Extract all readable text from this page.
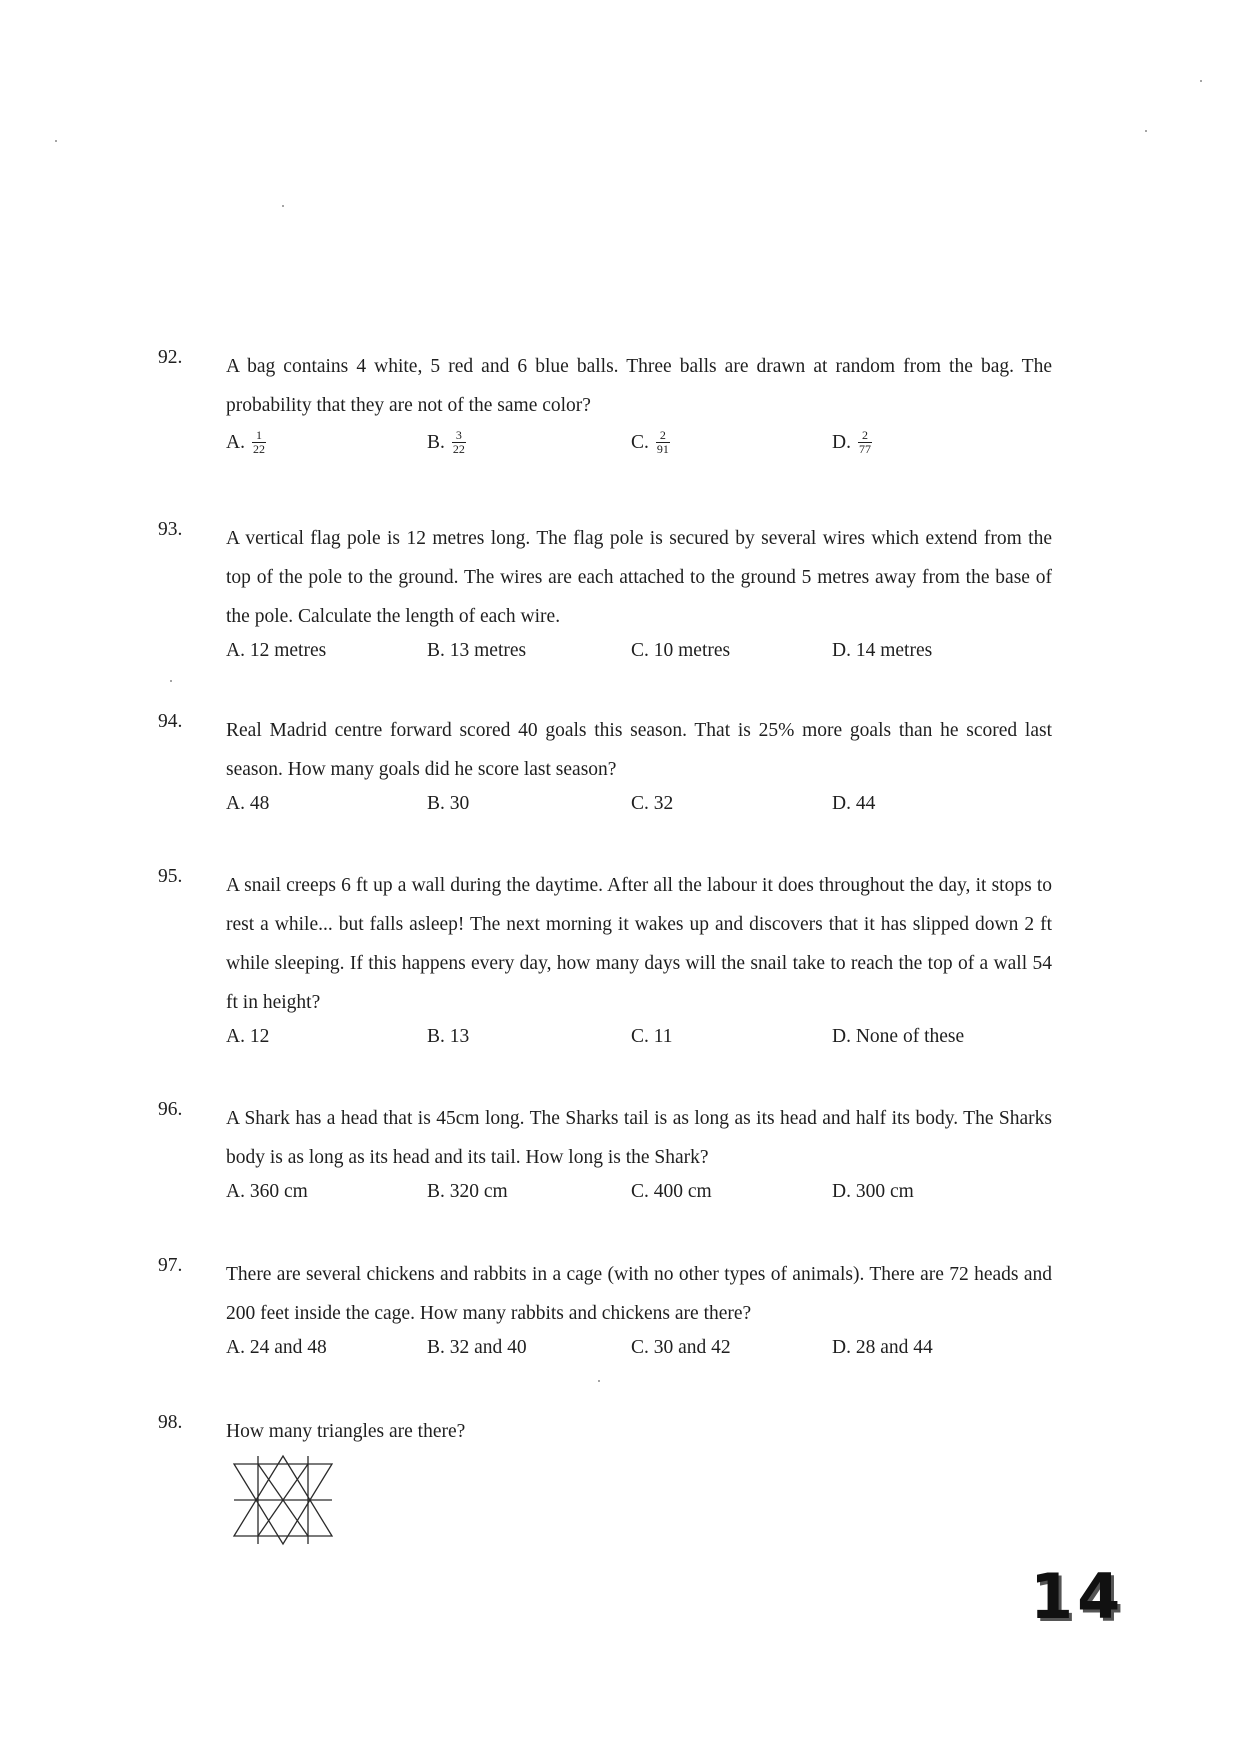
92. A bag contains 4 white, 5 red and 6 blue balls. Three balls are drawn at random from the bag. The probability that they are not of the same color?
A. $\frac{1}{22}$	B. $\frac{3}{22}$	C. $\frac{2}{91}$	D. $\frac{2}{77}$
93. A vertical flag pole is 12 metres long. The flag pole is secured by several wires which extend from the top of the pole to the ground. The wires are each attached to the ground 5 metres away from the base of the pole. Calculate the length of each wire.
A. 12 metres	B. 13 metres	C. 10 metres	D. 14 metres
94. Real Madrid centre forward scored 40 goals this season. That is 25% more goals than he scored last season. How many goals did he score last season?
A. 48	B. 30	C. 32	D. 44
95. A snail creeps 6 ft up a wall during the daytime. After all the labour it does throughout the day, it stops to rest a while... but falls asleep! The next morning it wakes up and discovers that it has slipped down 2 ft while sleeping. If this happens every day, how many days will the snail take to reach the top of a wall 54 ft in height?
A. 12	B. 13	C. 11	D. None of these
96. A Shark has a head that is 45cm long. The Sharks tail is as long as its head and half its body. The Sharks body is as long as its head and its tail. How long is the Shark?
A. 360 cm	B. 320 cm	C. 400 cm	D. 300 cm
97. There are several chickens and rabbits in a cage (with no other types of animals). There are 72 heads and 200 feet inside the cage. How many rabbits and chickens are there?
A. 24 and 48	B. 32 and 40	C. 30 and 42	D. 28 and 44
98. How many triangles are there?
14
